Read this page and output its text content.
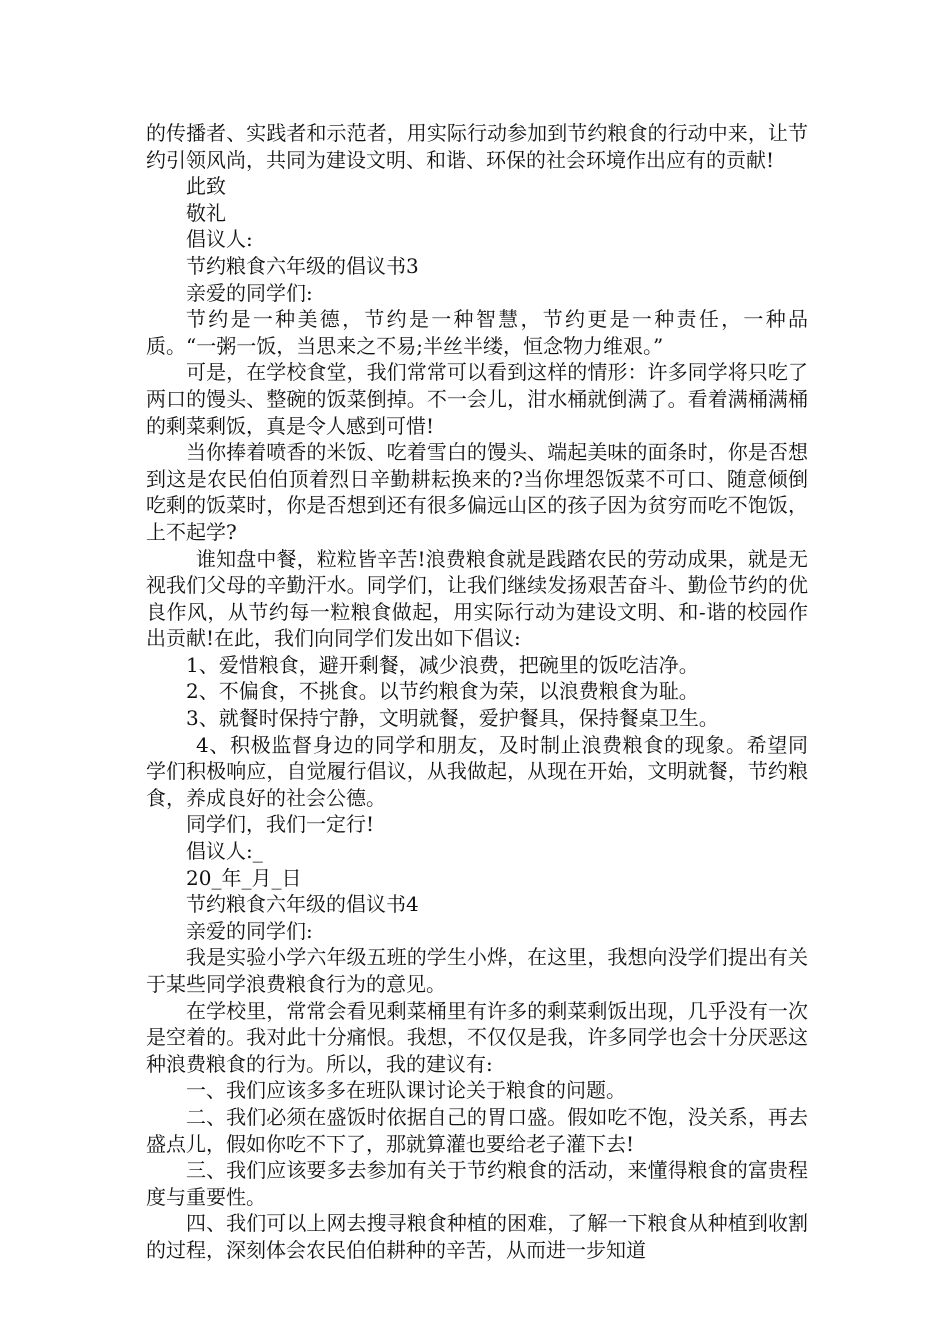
的传播者、实践者和示范者，用实际行动参加到节约粮食的行动中来，让节约引领风尚，共同为建设文明、和谐、环保的社会环境作出应有的贡献!

此致

敬礼

倡议人:

节约粮食六年级的倡议书3

亲爱的同学们:

节约是一种美德，节约是一种智慧，节约更是一种责任，一种品质。“一粥一饭，当思来之不易;半丝半缕，恒念物力维艰。”

可是，在学校食堂，我们常常可以看到这样的情形：许多同学将只吃了两口的馒头、整碗的饭菜倒掉。不一会儿，泔水桶就倒满了。看着满桶满桶的剩菜剩饭，真是令人感到可惜!

当你捧着喷香的米饭、吃着雪白的馒头、端起美味的面条时，你是否想到这是农民伯伯顶着烈日辛勤耕耘换来的?当你埋怨饭菜不可口、随意倾倒吃剩的饭菜时，你是否想到还有很多偏远山区的孩子因为贫穷而吃不饱饭，上不起学?

谁知盘中餐，粒粒皆辛苦!浪费粮食就是践踏农民的劳动成果，就是无视我们父母的辛勤汗水。同学们，让我们继续发扬艰苦奋斗、勤俭节约的优良作风，从节约每一粒粮食做起，用实际行动为建设文明、和-谐的校园作出贡献!在此，我们向同学们发出如下倡议:

1、爱惜粮食，避开剩餐，减少浪费，把碗里的饭吃洁净。

2、不偏食，不挑食。以节约粮食为荣，以浪费粮食为耻。

3、就餐时保持宁静，文明就餐，爱护餐具，保持餐桌卫生。

4、积极监督身边的同学和朋友，及时制止浪费粮食的现象。希望同学们积极响应，自觉履行倡议，从我做起，从现在开始，文明就餐，节约粮食，养成良好的社会公德。

同学们，我们一定行!

倡议人:_

20_年_月_日

节约粮食六年级的倡议书4

亲爱的同学们:

我是实验小学六年级五班的学生小烨，在这里，我想向没学们提出有关于某些同学浪费粮食行为的意见。

在学校里，常常会看见剩菜桶里有许多的剩菜剩饭出现，几乎没有一次是空着的。我对此十分痛恨。我想，不仅仅是我，许多同学也会十分厌恶这种浪费粮食的行为。所以，我的建议有:

一、我们应该多多在班队课讨论关于粮食的问题。

二、我们必须在盛饭时依据自己的胃口盛。假如吃不饱，没关系，再去盛点儿，假如你吃不下了，那就算灌也要给老子灌下去!

三、我们应该要多去参加有关于节约粮食的活动，来懂得粮食的富贵程度与重要性。

四、我们可以上网去搜寻粮食种植的困难，了解一下粮食从种植到收割的过程，深刻体会农民伯伯耕种的辛苦，从而进一步知道
